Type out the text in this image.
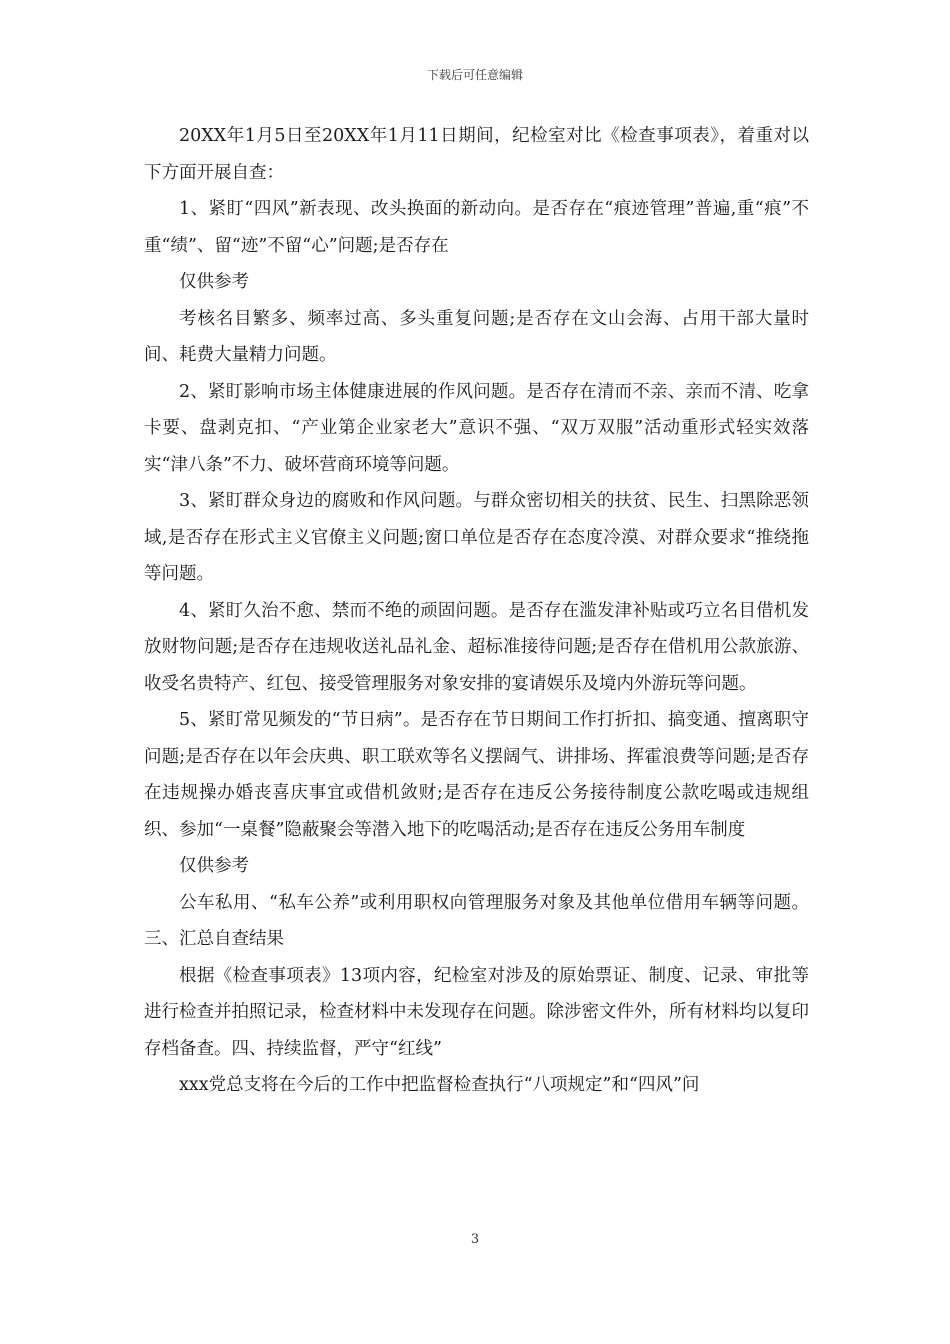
下载后可任意编辑

20XX年1月5日至20XX年1月11日期间，纪检室对比《检查事项表》，着重对以下方面开展自查：

1、紧盯“四风”新表现、改头换面的新动向。是否存在“痕迹管理”普遍,重“痕”不重“绩”、留“迹”不留“心”问题;是否存在

仅供参考

考核名目繁多、频率过高、多头重复问题;是否存在文山会海、占用干部大量时间、耗费大量精力问题。

2、紧盯影响市场主体健康进展的作风问题。是否存在清而不亲、亲而不清、吃拿卡要、盘剥克扣、“产业第企业家老大”意识不强、“双万双服”活动重形式轻实效落实“津八条”不力、破坏营商环境等问题。

3、紧盯群众身边的腐败和作风问题。与群众密切相关的扶贫、民生、扫黑除恶领域,是否存在形式主义官僚主义问题;窗口单位是否存在态度冷漠、对群众要求“推绕拖等问题。

4、紧盯久治不愈、禁而不绝的顽固问题。是否存在滥发津补贴或巧立名目借机发放财物问题;是否存在违规收送礼品礼金、超标准接待问题;是否存在借机用公款旅游、收受名贵特产、红包、接受管理服务对象安排的宴请娱乐及境内外游玩等问题。

5、紧盯常见频发的“节日病”。是否存在节日期间工作打折扣、搞变通、擅离职守问题;是否存在以年会庆典、职工联欢等名义摆阔气、讲排场、挥霍浪费等问题;是否存在违规操办婚丧喜庆事宜或借机敛财;是否存在违反公务接待制度公款吃喝或违规组织、参加“一桌餐”隐蔽聚会等潜入地下的吃喝活动;是否存在违反公务用车制度

仅供参考

公车私用、“私车公养”或利用职权向管理服务对象及其他单位借用车辆等问题。三、汇总自查结果

根据《检查事项表》13项内容，纪检室对涉及的原始票证、制度、记录、审批等进行检查并拍照记录，检查材料中未发现存在问题。除涉密文件外，所有材料均以复印存档备查。四、持续监督，严守“红线”

xxx党总支将在今后的工作中把监督检查执行“八项规定”和“四风”问

3
